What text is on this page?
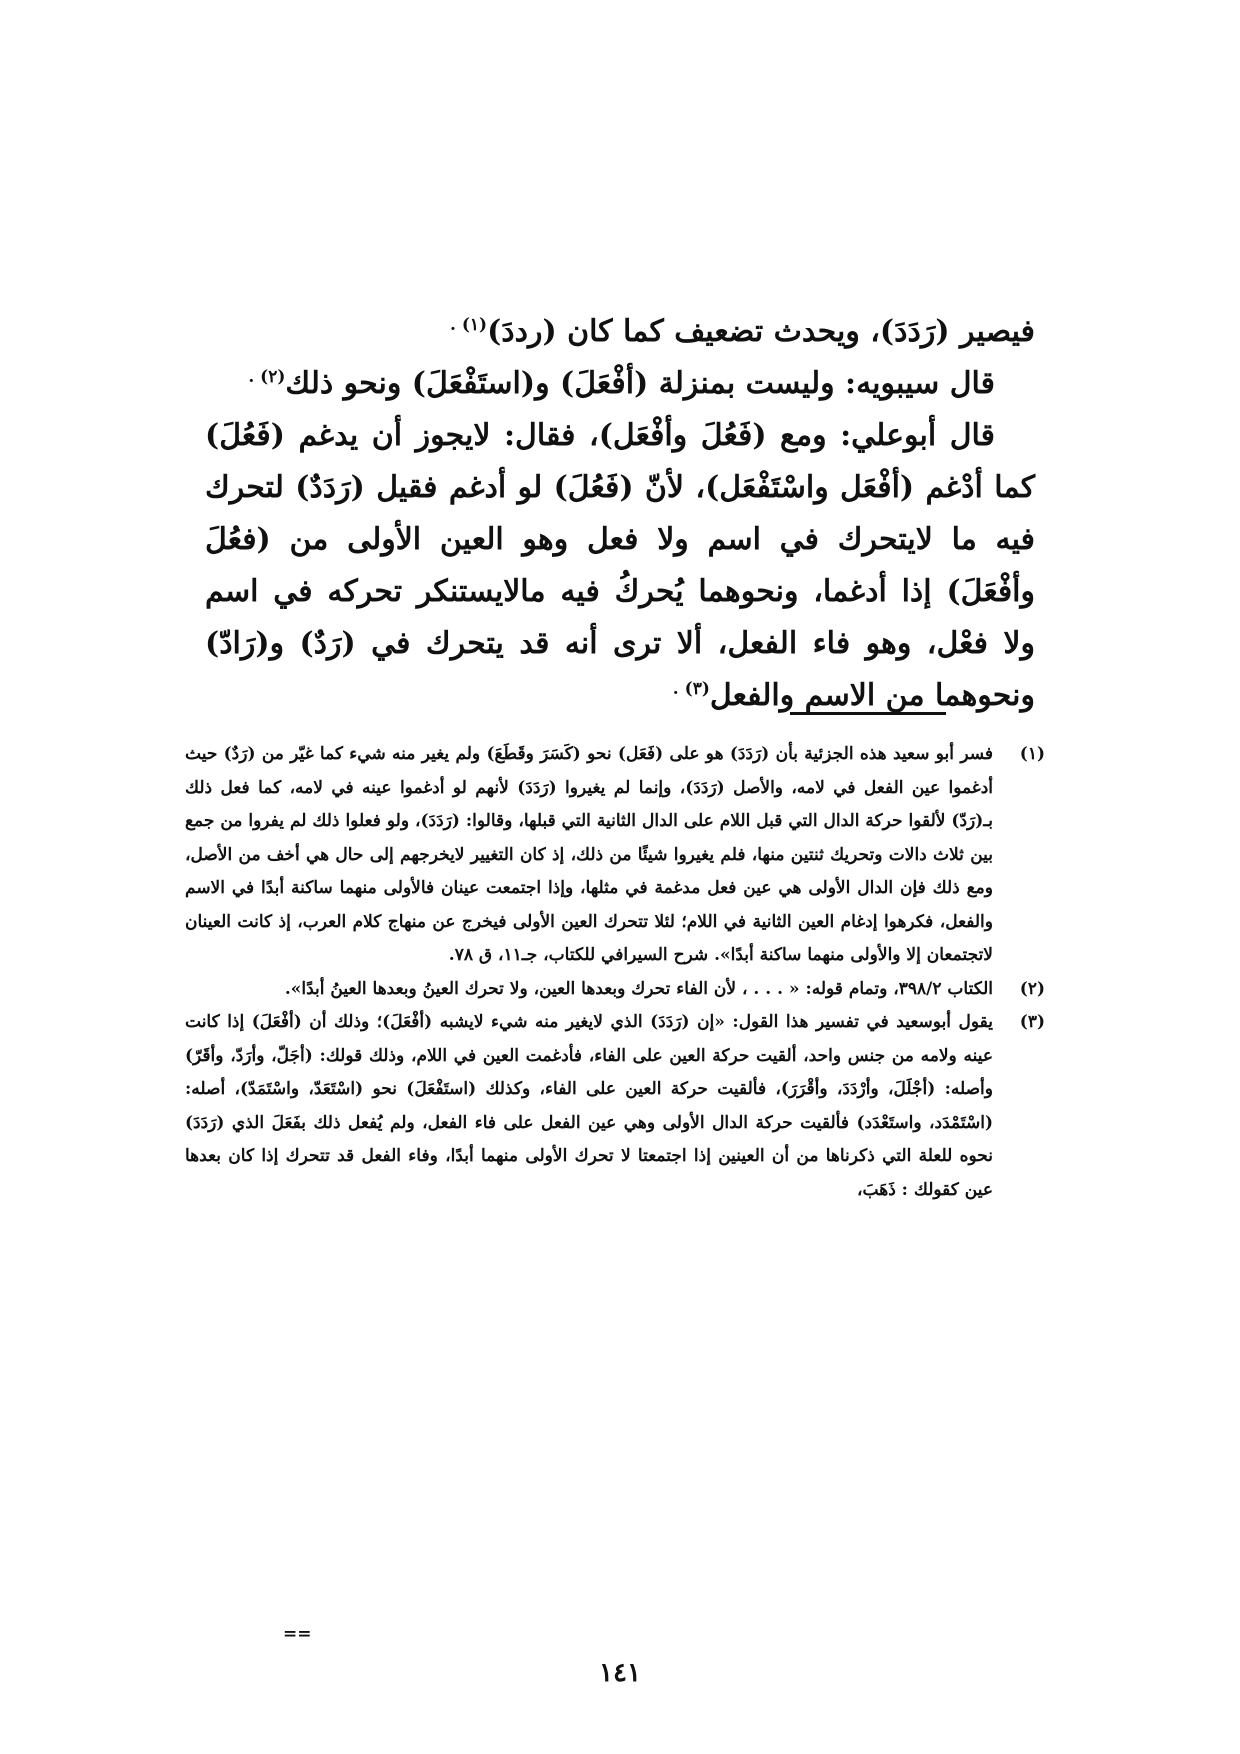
فيصير (رَدَدَ)، ويحدث تضعيف كما كان (رددَ)$^{(١) .}$

قال سيبويه: وليست بمنزلة (أفْعَلَ) و(استَفْعَلَ) ونحو ذلك$^{(٢) .}$

قال أبوعلي: ومع (فَعُلَ وأفْعَل)، فقال: لايجوز أن يدغم (فَعُلَ) كما أدْغم (أفْعَل واسْتَفْعَل)، لأنّ (فَعُلَ) لو أدغم فقيل (رَدَدٌ) لتحرك فيه ما لايتحرك في اسم ولا فعل وهو العين الأولى من (فعُلَ وأفْعَلَ) إذا أدغما، ونحوهما يُحركُ فيه مالايستنكر تحركه في اسم ولا فعْل، وهو فاء الفعل، ألا ترى أنه قد يتحرك في (رَدٌ) و(رَادّ) ونحوهما من الاسم والفعل$^{(٣) .}$

(١)
فسر أبو سعيد هذه الجزئية بأن (رَدَدَ) هو على (فَعَل) نحو (كَسَرَ وقَطَعَ) ولم يغير منه شيء كما غيّر من (رَدٌ) حيث أدغموا عين الفعل في لامه، والأصل (رَدَدَ)، وإنما لم يغيروا (رَدَدَ) لأنهم لو أدغموا عينه في لامه، كما فعل ذلك بـ(رَدّ) لألقوا حركة الدال التي قبل اللام على الدال الثانية التي قبلها، وقالوا: (رَدَدَ)، ولو فعلوا ذلك لم يفروا من جمع بين ثلاث دالات وتحريك ثنتين منها، فلم يغيروا شيئًا من ذلك، إذ كان التغيير لايخرجهم إلى حال هي أخف من الأصل، ومع ذلك فإن الدال الأولى هي عين فعل مدغمة في مثلها، وإذا اجتمعت عينان فالأولى منهما ساكنة أبدًا في الاسم والفعل، فكرهوا إدغام العين الثانية في اللام؛ لئلا تتحرك العين الأولى فيخرج عن منهاج كلام العرب، إذ كانت العينان لاتجتمعان إلا والأولى منهما ساكنة أبدًا». شرح السيرافي للكتاب، جـ١١، ق ٧٨.
(٢)
الكتاب ٣٩٨/٢، وتمام قوله: « . . . ، لأن الفاء تحرك وبعدها العين، ولا تحرك العينُ وبعدها العينُ أبدًا».
(٣)
يقول أبوسعيد في تفسير هذا القول: «إن (رَدَدَ) الذي لايغير منه شيء لايشبه (أفْعَلَ)؛ وذلك أن (أفْعَلَ) إذا كانت عينه ولامه من جنس واحد، ألقيت حركة العين على الفاء، فأدغمت العين في اللام، وذلك قولك: (أجَلّ، وأرَدّ، وأقَرّ) وأصله: (أجْلَلَ، وأرْدَدَ، وأقْرَرَ)، فألقيت حركة العين على الفاء، وكذلك (استَفْعَلَ) نحو (اسْتَعَدّ، واسْتَمَدّ)، أصله: (اسْتَمْدَد، واستَعْدَد) فألقيت حركة الدال الأولى وهي عين الفعل على فاء الفعل، ولم يُفعل ذلك بفَعَلَ الذي (رَدَدَ) نحوه للعلة التي ذكرناها من أن العينين إذا اجتمعتا لا تحرك الأولى منهما أبدًا، وفاء الفعل قد تتحرك إذا كان بعدها عين كقولك : ذَهَبَ،
==
١٤١
